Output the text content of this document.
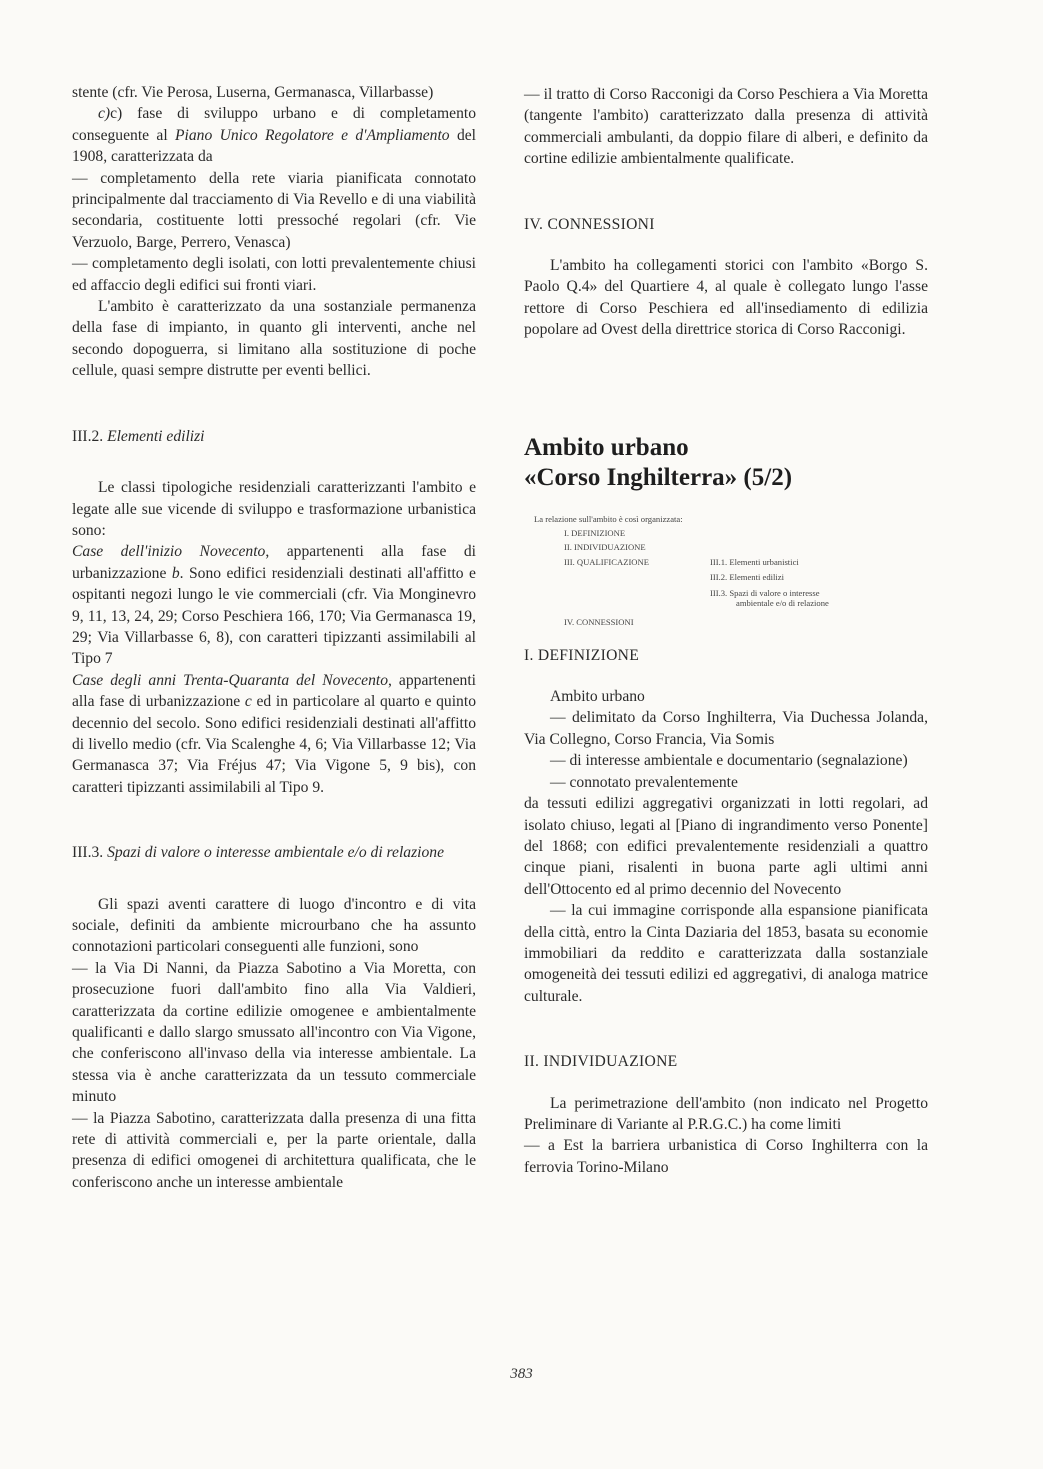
stente (cfr. Vie Perosa, Luserna, Germanasca, Villarbasse)

c)c) fase di sviluppo urbano e di completamento conseguente al Piano Unico Regolatore e d'Ampliamento del 1908, caratterizzata da

— completamento della rete viaria pianificata connotato principalmente dal tracciamento di Via Revello e di una viabilità secondaria, costituente lotti pressoché regolari (cfr. Vie Verzuolo, Barge, Perrero, Venasca)

— completamento degli isolati, con lotti prevalentemente chiusi ed affaccio degli edifici sui fronti viari.

L'ambito è caratterizzato da una sostanziale permanenza della fase di impianto, in quanto gli interventi, anche nel secondo dopoguerra, si limitano alla sostituzione di poche cellule, quasi sempre distrutte per eventi bellici.

III.2. Elementi edilizi

Le classi tipologiche residenziali caratterizzanti l'ambito e legate alle sue vicende di sviluppo e trasformazione urbanistica sono:

Case dell'inizio Novecento, appartenenti alla fase di urbanizzazione b. Sono edifici residenziali destinati all'affitto e ospitanti negozi lungo le vie commerciali (cfr. Via Monginevro 9, 11, 13, 24, 29; Corso Peschiera 166, 170; Via Germanasca 19, 29; Via Villarbasse 6, 8), con caratteri tipizzanti assimilabili al Tipo 7

Case degli anni Trenta-Quaranta del Novecento, appartenenti alla fase di urbanizzazione c ed in particolare al quarto e quinto decennio del secolo. Sono edifici residenziali destinati all'affitto di livello medio (cfr. Via Scalenghe 4, 6; Via Villarbasse 12; Via Germanasca 37; Via Fréjus 47; Via Vigone 5, 9 bis), con caratteri tipizzanti assimilabili al Tipo 9.

III.3. Spazi di valore o interesse ambientale e/o di relazione

Gli spazi aventi carattere di luogo d'incontro e di vita sociale, definiti da ambiente microurbano che ha assunto connotazioni particolari conseguenti alle funzioni, sono

— la Via Di Nanni, da Piazza Sabotino a Via Moretta, con prosecuzione fuori dall'ambito fino alla Via Valdieri, caratterizzata da cortine edilizie omogenee e ambientalmente qualificanti e dallo slargo smussato all'incontro con Via Vigone, che conferiscono all'invaso della via interesse ambientale. La stessa via è anche caratterizzata da un tessuto commerciale minuto

— la Piazza Sabotino, caratterizzata dalla presenza di una fitta rete di attività commerciali e, per la parte orientale, dalla presenza di edifici omogenei di architettura qualificata, che le conferiscono anche un interesse ambientale

— il tratto di Corso Racconigi da Corso Peschiera a Via Moretta (tangente l'ambito) caratterizzato dalla presenza di attività commerciali ambulanti, da doppio filare di alberi, e definito da cortine edilizie ambientalmente qualificate.

IV. CONNESSIONI

L'ambito ha collegamenti storici con l'ambito «Borgo S. Paolo Q.4» del Quartiere 4, al quale è collegato lungo l'asse rettore di Corso Peschiera ed all'insediamento di edilizia popolare ad Ovest della direttrice storica di Corso Racconigi.

Ambito urbano
«Corso Inghilterra» (5/2)

La relazione sull'ambito è così organizzata:
I. DEFINIZIONE
II. INDIVIDUAZIONE
III. QUALIFICAZIONE	III.1. Elementi urbanistici
III.2. Elementi edilizi
III.3. Spazi di valore o interesse
ambientale e/o di relazione
IV. CONNESSIONI

I. DEFINIZIONE

Ambito urbano

— delimitato da Corso Inghilterra, Via Duchessa Jolanda, Via Collegno, Corso Francia, Via Somis

— di interesse ambientale e documentario (segnalazione)

— connotato prevalentemente

da tessuti edilizi aggregativi organizzati in lotti regolari, ad isolato chiuso, legati al [Piano di ingrandimento verso Ponente] del 1868; con edifici prevalentemente residenziali a quattro cinque piani, risalenti in buona parte agli ultimi anni dell'Ottocento ed al primo decennio del Novecento

— la cui immagine corrisponde alla espansione pianificata della città, entro la Cinta Daziaria del 1853, basata su economie immobiliari da reddito e caratterizzata dalla sostanziale omogeneità dei tessuti edilizi ed aggregativi, di analoga matrice culturale.

II. INDIVIDUAZIONE

La perimetrazione dell'ambito (non indicato nel Progetto Preliminare di Variante al P.R.G.C.) ha come limiti

— a Est la barriera urbanistica di Corso Inghilterra con la ferrovia Torino-Milano

383
